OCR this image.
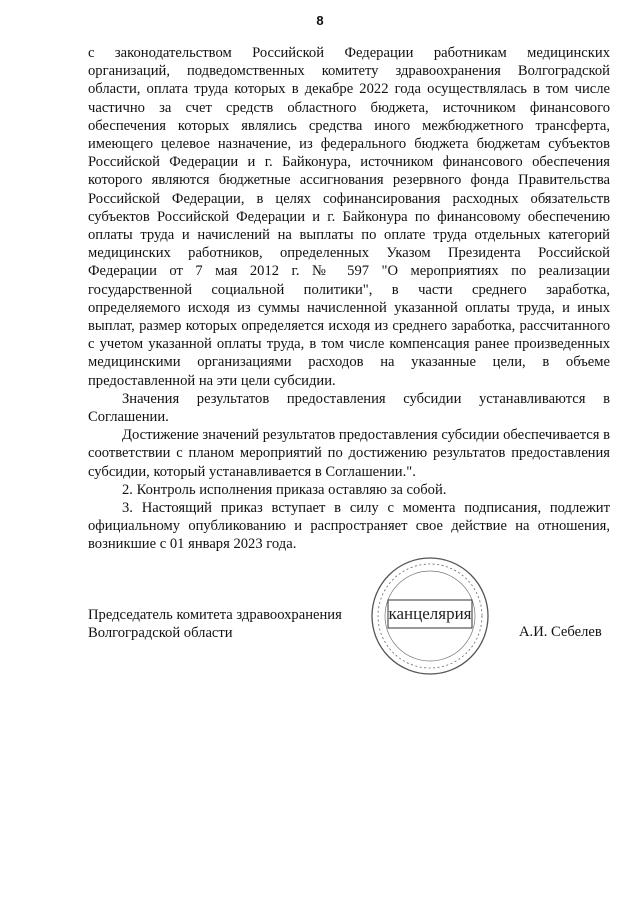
8

с законодательством Российской Федерации работникам медицинских организаций, подведомственных комитету здравоохранения Волгоградской области, оплата труда которых в декабре 2022 года осуществлялась в том числе частично за счет средств областного бюджета, источником финансового обеспечения которых являлись средства иного межбюджетного трансферта, имеющего целевое назначение, из федерального бюджета бюджетам субъектов Российской Федерации и г. Байконура, источником финансового обеспечения которого являются бюджетные ассигнования резервного фонда Правительства Российской Федерации, в целях софинансирования расходных обязательств субъектов Российской Федерации и г. Байконура по финансовому обеспечению оплаты труда и начислений на выплаты по оплате труда отдельных категорий медицинских работников, определенных Указом Президента Российской Федерации от 7 мая 2012 г. № 597 "О мероприятиях по реализации государственной социальной политики", в части среднего заработка, определяемого исходя из суммы начисленной указанной оплаты труда, и иных выплат, размер которых определяется исходя из среднего заработка, рассчитанного с учетом указанной оплаты труда, в том числе компенсация ранее произведенных медицинскими организациями расходов на указанные цели, в объеме предоставленной на эти цели субсидии.

Значения результатов предоставления субсидии устанавливаются в Соглашении.

Достижение значений результатов предоставления субсидии обеспечивается в соответствии с планом мероприятий по достижению результатов предоставления субсидии, который устанавливается в Соглашении.".

2. Контроль исполнения приказа оставляю за собой.

3. Настоящий приказ вступает в силу с момента подписания, подлежит официальному опубликованию и распространяет свое действие на отношения, возникшие с 01 января 2023 года.

Председатель комитета здравоохранения
Волгоградской области
канцелярия
А.И. Себелев
